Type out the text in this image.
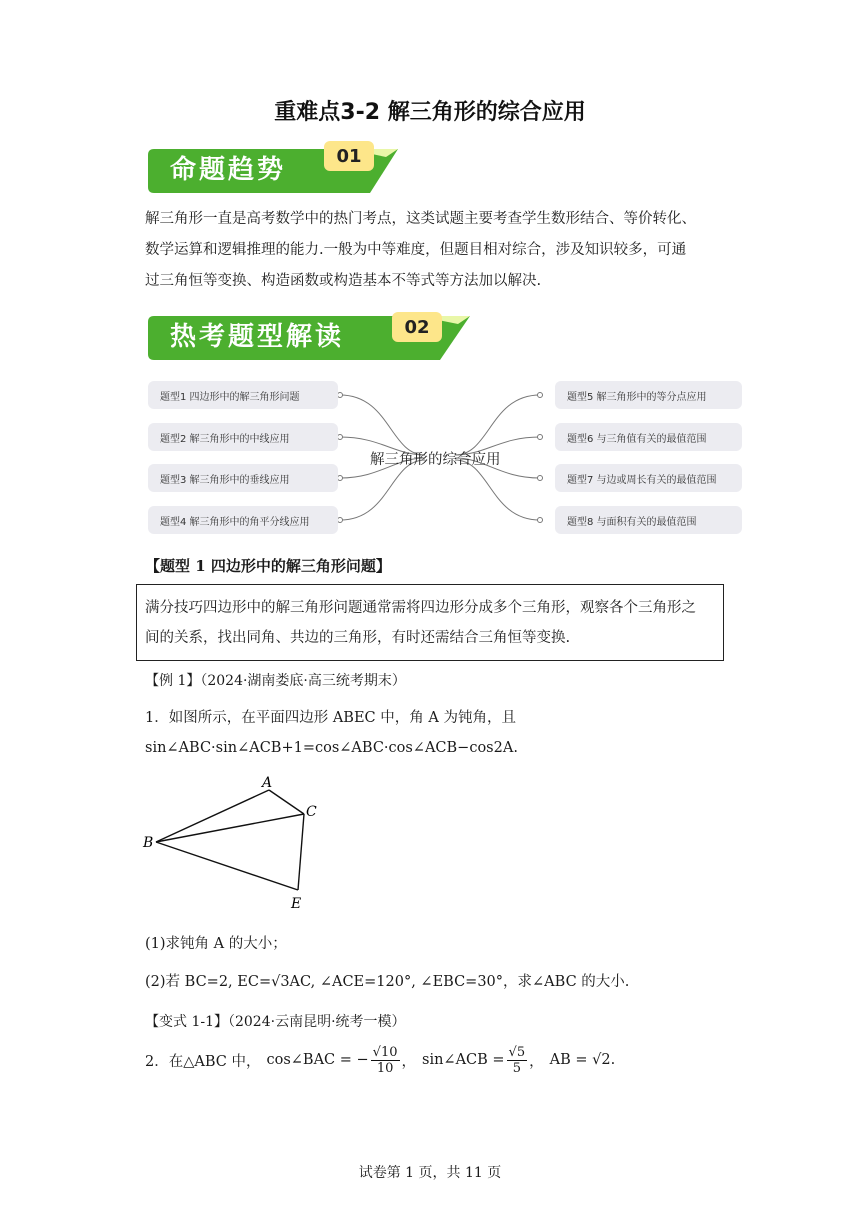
重难点3-2 解三角形的综合应用
命题趋势	01
解三角形一直是高考数学中的热门考点，这类试题主要考查学生数形结合、等价转化、
数学运算和逻辑推理的能力.一般为中等难度，但题目相对综合，涉及知识较多，可通
过三角恒等变换、构造函数或构造基本不等式等方法加以解决.
热考题型解读	02
题型1 四边形中的解三角形问题
题型2 解三角形中的中线应用
题型3 解三角形中的垂线应用
题型4 解三角形中的角平分线应用
题型5 解三角形中的等分点应用
题型6 与三角值有关的最值范围
题型7 与边或周长有关的最值范围
题型8 与面积有关的最值范围
解三角形的综合应用
【题型 1 四边形中的解三角形问题】
满分技巧四边形中的解三角形问题通常需将四边形分成多个三角形，观察各个三角形之
间的关系，找出同角、共边的三角形，有时还需结合三角恒等变换.
【例 1】（2024·湖南娄底·高三统考期末）
1．如图所示，在平面四边形 ABEC 中，角 A 为钝角，且
sin∠ABC·sin∠ACB+1=cos∠ABC·cos∠ACB−cos2A.
A
B
C
E
(1)求钝角 A 的大小；
(2)若 BC=2, EC=√3AC, ∠ACE=120°, ∠EBC=30°，求∠ABC 的大小.
【变式 1-1】（2024·云南昆明·统考一模）
2．在△ABC 中， cos∠BAC = − $\frac{√10}{10}$ ， sin∠ACB = $\frac{√5}{5}$ ， AB = √2 .
试卷第 1 页，共 11 页
